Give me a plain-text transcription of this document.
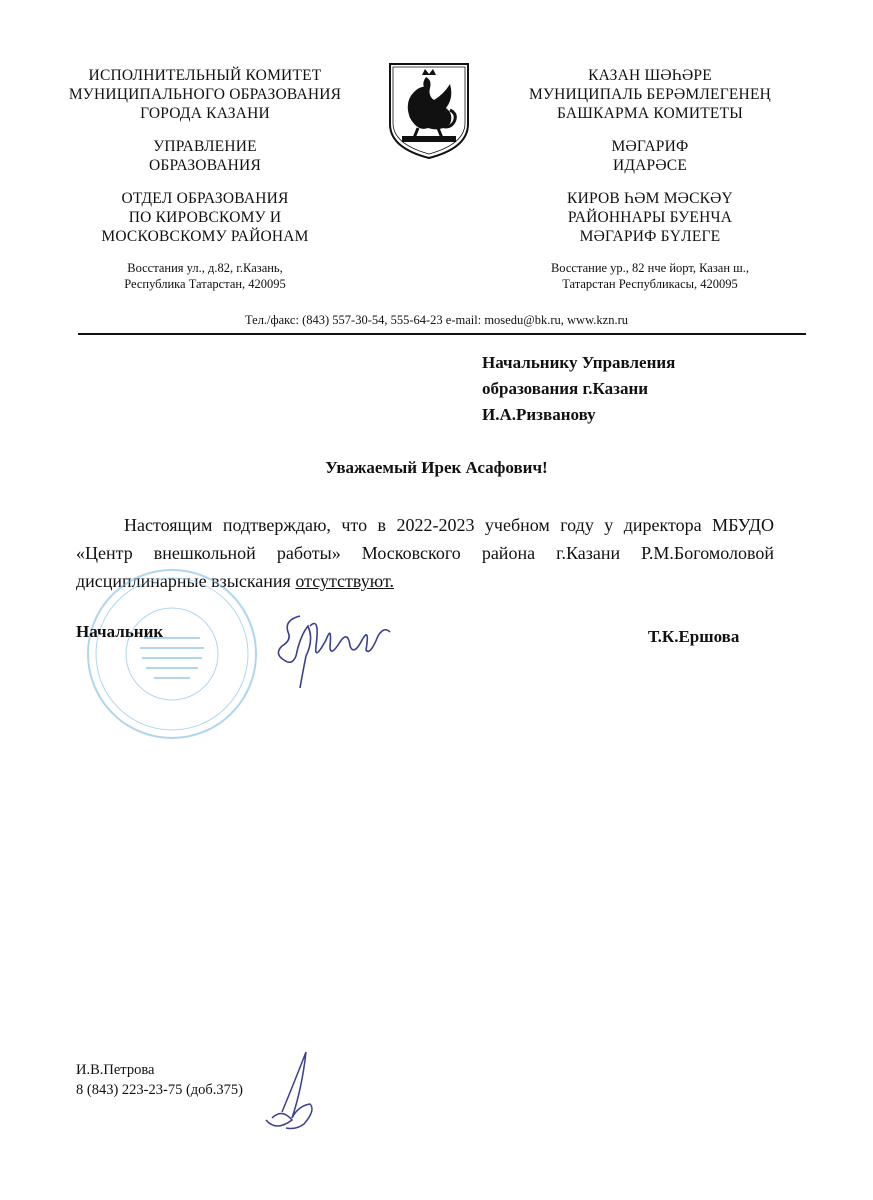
ИСПОЛНИТЕЛЬНЫЙ КОМИТЕТ
МУНИЦИПАЛЬНОГО ОБРАЗОВАНИЯ
ГОРОДА КАЗАНИ
УПРАВЛЕНИЕ
ОБРАЗОВАНИЯ
ОТДЕЛ ОБРАЗОВАНИЯ
ПО КИРОВСКОМУ И
МОСКОВСКОМУ РАЙОНАМ
Восстания ул., д.82, г.Казань,
Республика Татарстан, 420095
КАЗАН ШӘҺӘРЕ
МУНИЦИПАЛЬ БЕРӘМЛЕГЕНЕҢ
БАШКАРМА КОМИТЕТЫ
МӘГАРИФ
ИДАРӘСЕ
КИРОВ ҺӘМ МӘСКӘҮ
РАЙОННАРЫ БУЕНЧА
МӘГАРИФ БҮЛЕГЕ
Восстание ур., 82 нче йорт, Казан ш.,
Татарстан Республикасы, 420095
Тел./факс: (843) 557-30-54, 555-64-23 e-mail: mosedu@bk.ru, www.kzn.ru
Начальнику Управления
образования г.Казани
И.А.Ризванову
Уважаемый Ирек Асафович!
Настоящим подтверждаю, что в 2022-2023 учебном году у директора МБУДО «Центр внешкольной работы» Московского района г.Казани Р.М.Богомоловой дисциплинарные взыскания отсутствуют.
Начальник	Т.К.Ершова
И.В.Петрова
8 (843) 223-23-75 (доб.375)
